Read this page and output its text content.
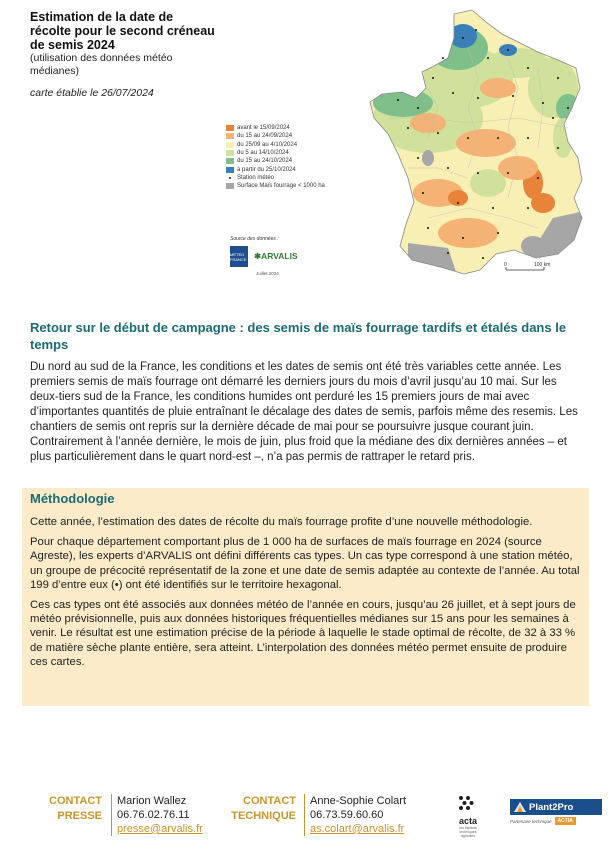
Estimation de la date de récolte pour le second créneau de semis 2024
(utilisation des données météo médianes)
carte établie le 26/07/2024
avant le 15/09/2024
du 15 au 24/09/2024
du 25/09 au 4/10/2024
du 5 au 14/10/2024
du 15 au 24/10/2024
à partir du 25/10/2024
Station météo
Surface Maïs fourrage < 1000 ha
Source des données :
MÉTÉO FRANCE ✱ARVALIS
Juillet 2024
0	100 km
Retour sur le début de campagne : des semis de maïs fourrage tardifs et étalés dans le temps
Du nord au sud de la France, les conditions et les dates de semis ont été très variables cette année. Les premiers semis de maïs fourrage ont démarré les derniers jours du mois d’avril jusqu’au 10 mai. Sur les deux-tiers sud de la France, les conditions humides ont perduré les 15 premiers jours de mai avec d’importantes quantités de pluie entraînant le décalage des dates de semis, parfois même des resemis. Les chantiers de semis ont repris sur la dernière décade de mai pour se poursuivre jusque courant juin. Contrairement à l’année dernière, le mois de juin, plus froid que la médiane des dix dernières années – et plus particulièrement dans le quart nord-est –, n’a pas permis de rattraper le retard pris.
Méthodologie

Cette année, l’estimation des dates de récolte du maïs fourrage profite d’une nouvelle méthodologie.

Pour chaque département comportant plus de 1 000 ha de surfaces de maïs fourrage en 2024 (source Agreste), les experts d’ARVALIS ont défini différents cas types. Un cas type correspond à une station météo, un groupe de précocité représentatif de la zone et une date de semis adaptée au contexte de l’année. Au total 199 d’entre eux (•) ont été identifiés sur le territoire hexagonal.

Ces cas types ont été associés aux données météo de l’année en cours, jusqu’au 26 juillet, et à sept jours de météo prévisionnelle, puis aux données historiques fréquentielles médianes sur 15 ans pour les semaines à venir. Le résultat est une estimation précise de la période à laquelle le stade optimal de récolte, de 32 à 33 % de matière sèche plante entière, sera atteint. L’interpolation des données météo permet ensuite de produire ces cartes.

CONTACT
PRESSE
Marion Wallez
06.76.02.76.11
presse@arvalis.fr
CONTACT
TECHNIQUE
Anne-Sophie Colart
06.73.59.60.60
as.colart@arvalis.fr
acta
les instituts techniques agricoles
Plant2Pro
Partenaire technique	ACTIA
